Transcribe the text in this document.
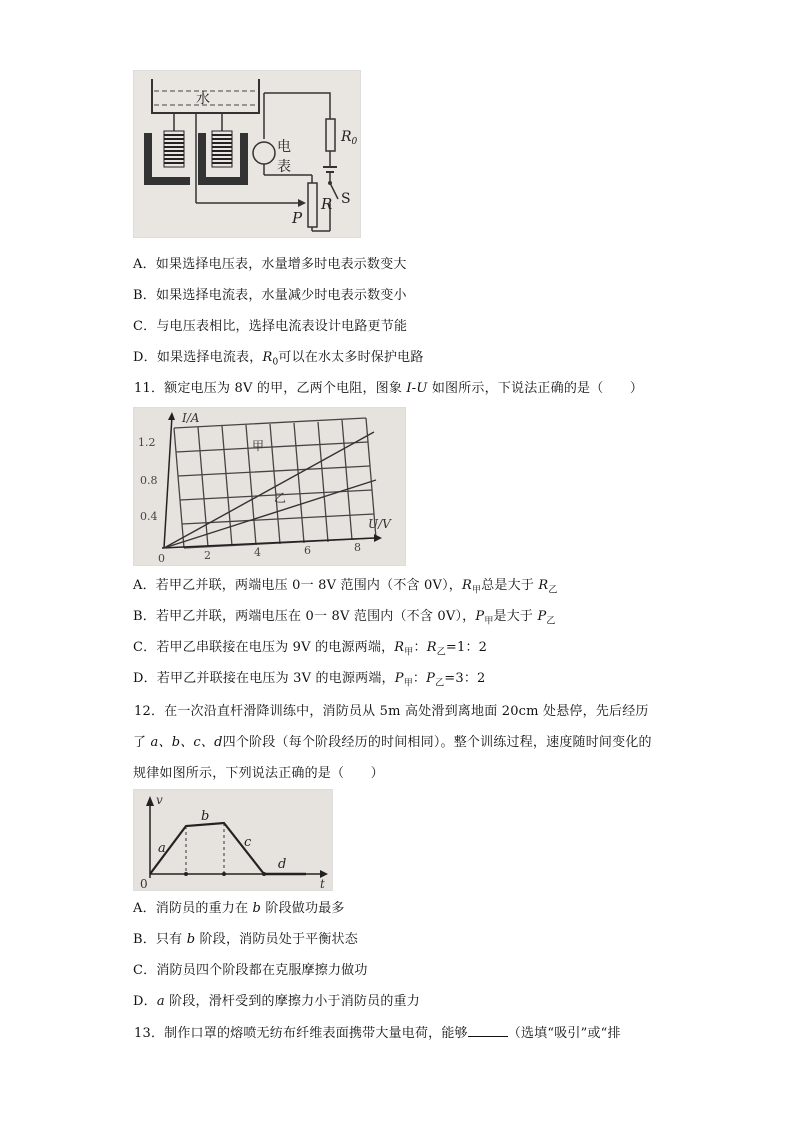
水
电
表
$R_0$
S
R
P
A．如果选择电压表，水量增多时电表示数变大
B．如果选择电流表，水量减少时电表示数变小
C．与电压表相比，选择电流表设计电路更节能
D．如果选择电流表，$R_0$可以在水太多时保护电路
11．额定电压为 8V 的甲，乙两个电阻，图象 I-U 如图所示，下说法正确的是（　　）
I/A
U/V
1.2
0.8
0.4
0	2	4	6	8
甲
乙
A．若甲乙并联，两端电压 0一 8V 范围内（不含 0V），$R_甲$总是大于 $R_乙$
B．若甲乙并联，两端电压在 0一 8V 范围内（不含 0V），$P_甲$是大于 $P_乙$
C．若甲乙串联接在电压为 9V 的电源两端，$R_甲$：$R_乙=1$：2
D．若甲乙并联接在电压为 3V 的电源两端，$P_甲$：$P_乙=3$：2
12．在一次沿直杆滑降训练中，消防员从 5m 高处滑到离地面 20cm 处悬停，先后经历
了 a、b、c、d四个阶段（每个阶段经历的时间相同）。整个训练过程，速度随时间变化的
规律如图所示，下列说法正确的是（　　）
v
t
0
a
b
c
d
A．消防员的重力在 b 阶段做功最多
B．只有 b 阶段，消防员处于平衡状态
C．消防员四个阶段都在克服摩擦力做功
D．a 阶段，滑杆受到的摩擦力小于消防员的重力
13．制作口罩的熔喷无纺布纤维表面携带大量电荷，能够	（选填“吸引”或“排
